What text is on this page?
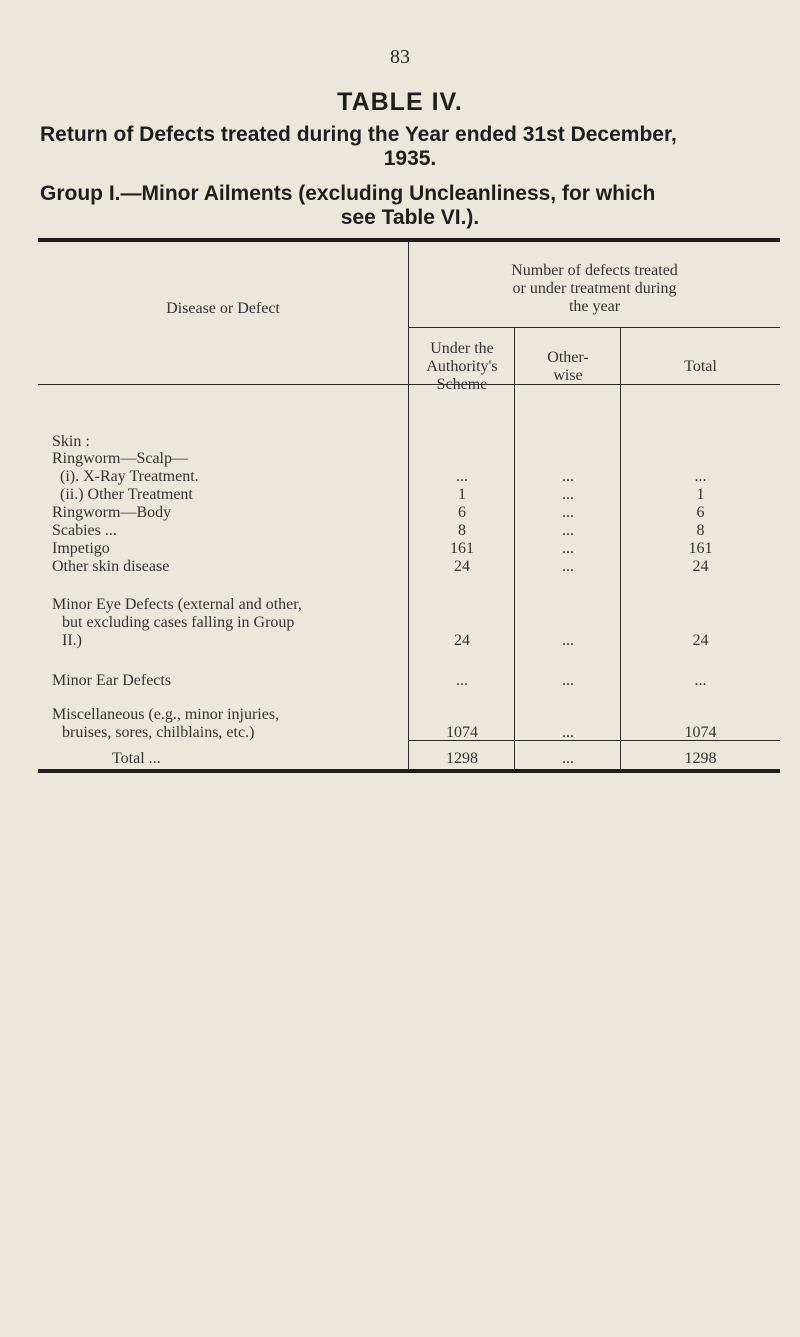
83
TABLE IV.
Return of Defects treated during the Year ended 31st December,
1935.
Group I.—Minor Ailments (excluding Uncleanliness, for which
see Table VI.).
Disease or Defect
Number of defects treated
or under treatment during
the year
Under the
Authority's
Scheme
Other-
wise
Total
Skin :
Ringworm—Scalp—
(i). X-Ray Treatment.	...	...	...
(ii.) Other Treatment	1	...	1
Ringworm—Body	6	...	6
Scabies ...	8	...	8
Impetigo	161	...	161
Other skin disease	24	...	24
Minor Eye Defects (external and other,
but excluding cases falling in Group
II.)	24	...	24
Minor Ear Defects	...	...	...
Miscellaneous (e.g., minor injuries,
bruises, sores, chilblains, etc.)	1074	...	1074
Total ...	1298	...	1298
